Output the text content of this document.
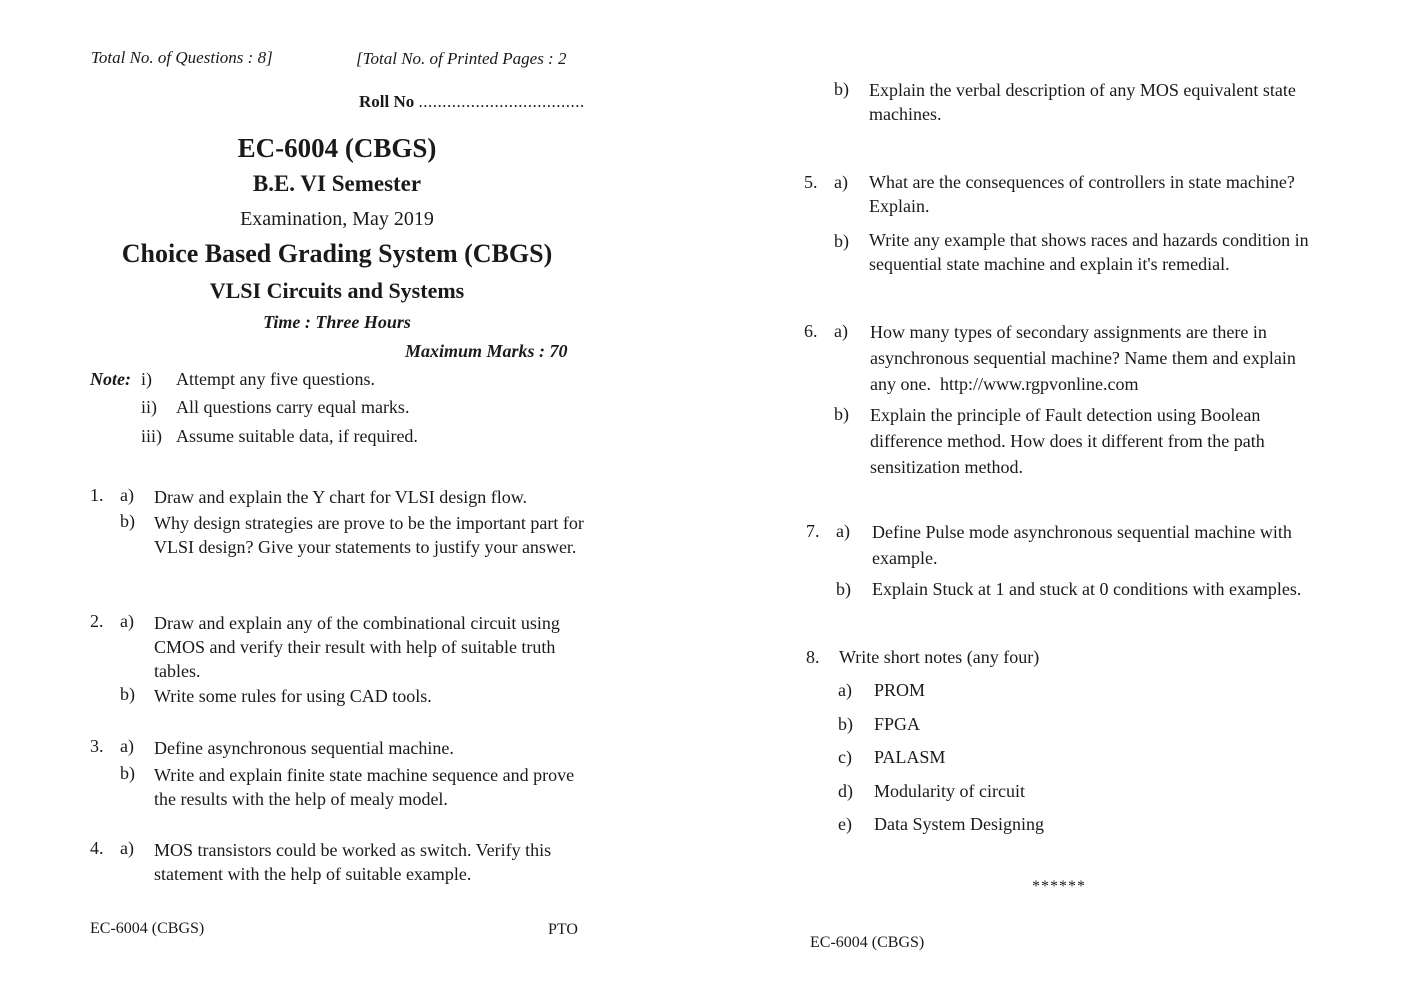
Total No. of Questions : 8]	[Total No. of Printed Pages : 2
Roll No ...................................
EC-6004 (CBGS)
B.E. VI Semester
Examination, May 2019
Choice Based Grading System (CBGS)
VLSI Circuits and Systems
Time : Three Hours
Maximum Marks : 70
Note: i) Attempt any five questions.
ii) All questions carry equal marks.
iii) Assume suitable data, if required.
1. a) Draw and explain the Y chart for VLSI design flow.
b) Why design strategies are prove to be the important part for VLSI design? Give your statements to justify your answer.
2. a) Draw and explain any of the combinational circuit using CMOS and verify their result with help of suitable truth tables.
b) Write some rules for using CAD tools.
3. a) Define asynchronous sequential machine.
b) Write and explain finite state machine sequence and prove the results with the help of mealy model.
4. a) MOS transistors could be worked as switch. Verify this statement with the help of suitable example.
EC-6004 (CBGS)	PTO
b) Explain the verbal description of any MOS equivalent state machines.
5. a) What are the consequences of controllers in state machine? Explain.
b) Write any example that shows races and hazards condition in sequential state machine and explain it's remedial.
6. a) How many types of secondary assignments are there in asynchronous sequential machine? Name them and explain any one. http://www.rgpvonline.com
b) Explain the principle of Fault detection using Boolean difference method. How does it different from the path sensitization method.
7. a) Define Pulse mode asynchronous sequential machine with example.
b) Explain Stuck at 1 and stuck at 0 conditions with examples.
8. Write short notes (any four)
a) PROM
b) FPGA
c) PALASM
d) Modularity of circuit
e) Data System Designing
******
EC-6004 (CBGS)
